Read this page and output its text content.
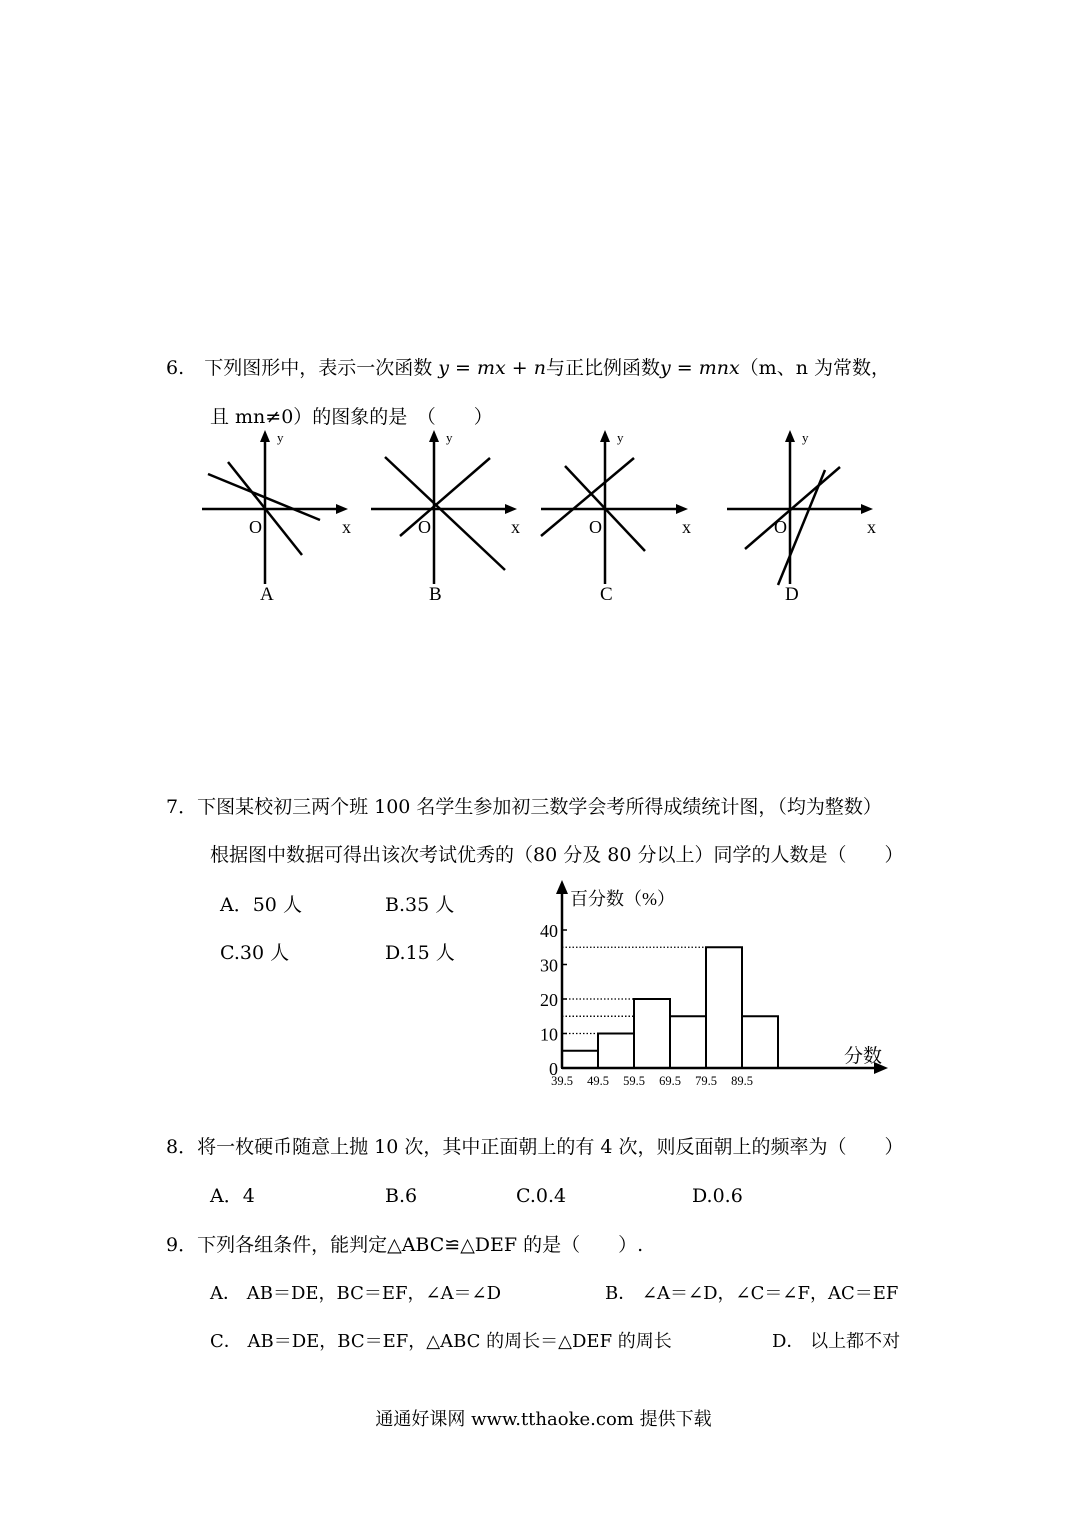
6. 下列图形中，表示一次函数 y = mx + n与正比例函数y = mnx（m、n 为常数，
且 mn≠0）的图象的是　（　　）
y
x
O
A
y
x
O
B
y
x
O
C
y
x
O
D
7．下图某校初三两个班 100 名学生参加初三数学会考所得成绩统计图，（均为整数）
根据图中数据可得出该次考试优秀的（80 分及 80 分以上）同学的人数是（　　）
A．50 人	B.35 人
C.30 人	D.15 人
0
10
20
30
40
39.5 49.5 59.5 69.5 79.5 89.5
百分数（%）
分数
8．将一枚硬币随意上抛 10 次，其中正面朝上的有 4 次，则反面朝上的频率为（　　）
A．4	B.6	C.0.4	D.0.6
9．下列各组条件，能判定△ABC≌△DEF 的是（　　）.
A． AB＝DE，BC＝EF，∠A＝∠D	B． ∠A＝∠D，∠C＝∠F，AC＝EF
C． AB＝DE，BC＝EF，△ABC 的周长＝△DEF 的周长	D． 以上都不对
通通好课网 www.tthaoke.com 提供下载
